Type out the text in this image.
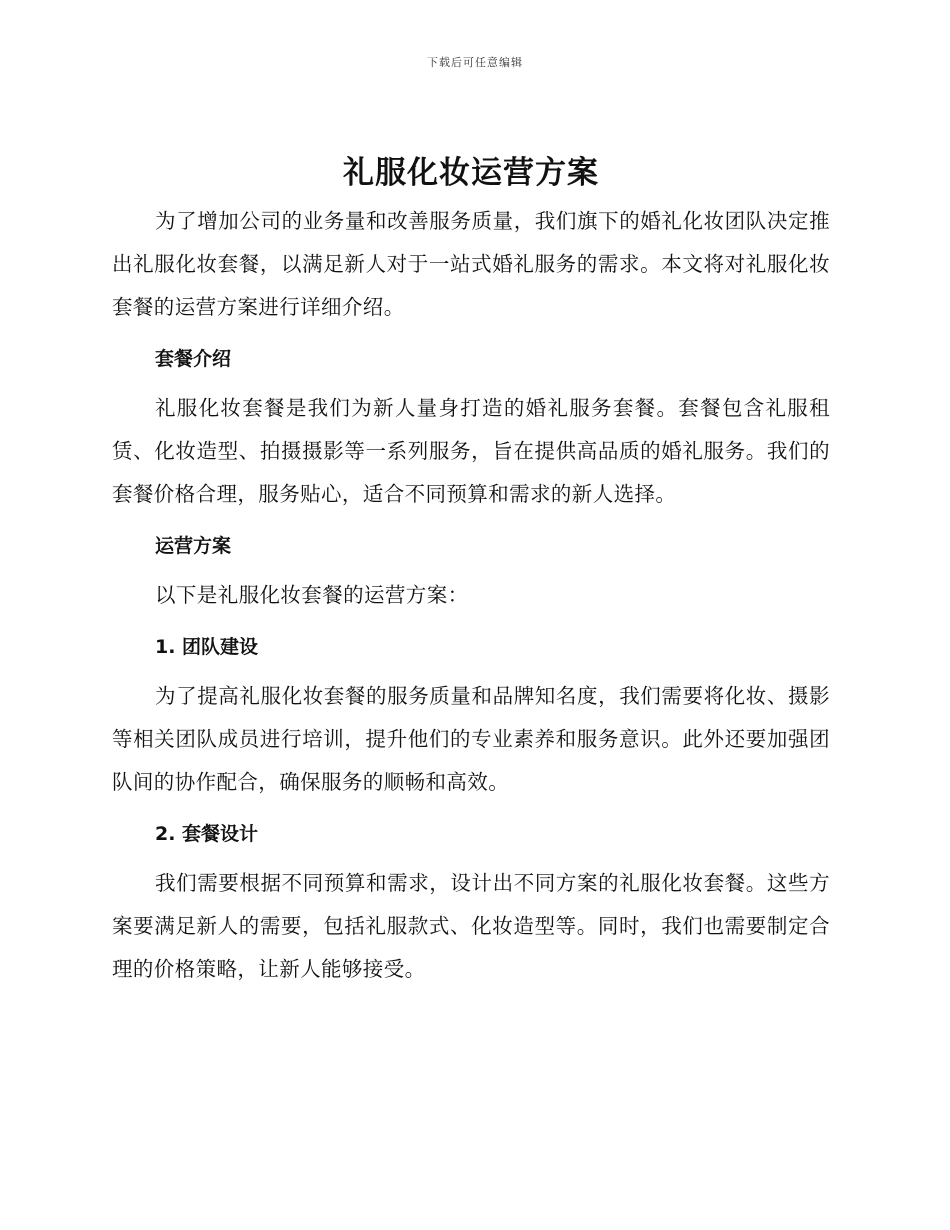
下载后可任意编辑
礼服化妆运营方案

为了增加公司的业务量和改善服务质量，我们旗下的婚礼化妆团队决定推出礼服化妆套餐，以满足新人对于一站式婚礼服务的需求。本文将对礼服化妆套餐的运营方案进行详细介绍。

套餐介绍

礼服化妆套餐是我们为新人量身打造的婚礼服务套餐。套餐包含礼服租赁、化妆造型、拍摄摄影等一系列服务，旨在提供高品质的婚礼服务。我们的套餐价格合理，服务贴心，适合不同预算和需求的新人选择。

运营方案

以下是礼服化妆套餐的运营方案：

1. 团队建设

为了提高礼服化妆套餐的服务质量和品牌知名度，我们需要将化妆、摄影等相关团队成员进行培训，提升他们的专业素养和服务意识。此外还要加强团队间的协作配合，确保服务的顺畅和高效。

2. 套餐设计

我们需要根据不同预算和需求，设计出不同方案的礼服化妆套餐。这些方案要满足新人的需要，包括礼服款式、化妆造型等。同时，我们也需要制定合理的价格策略，让新人能够接受。
